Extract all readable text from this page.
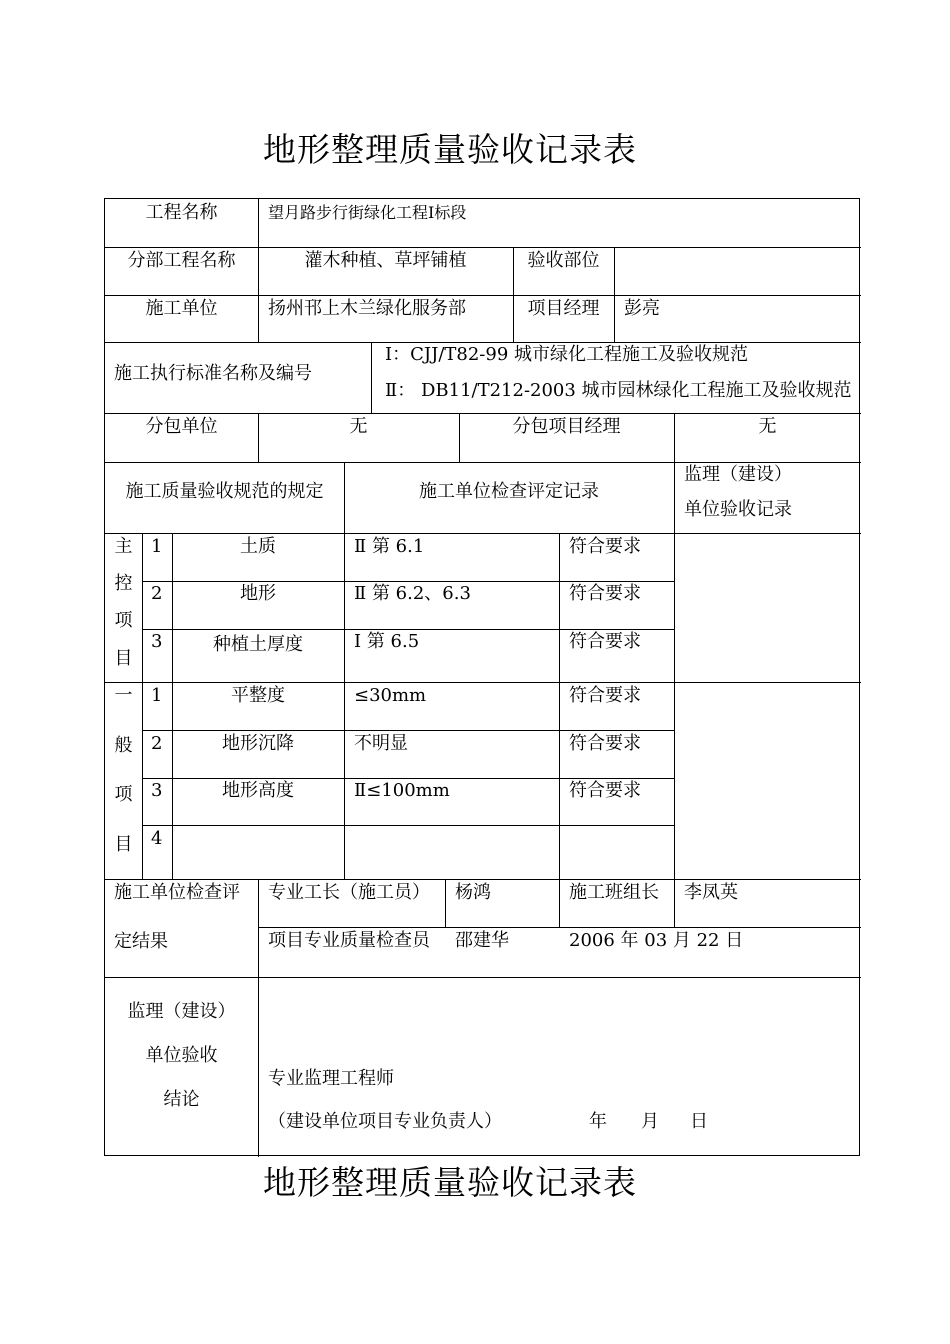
地形整理质量验收记录表
工程名称	望月路步行街绿化工程Ⅰ标段
分部工程名称	灌木种植、草坪铺植	验收部位
施工单位	扬州邗上木兰绿化服务部	项目经理	彭亮
施工执行标准名称及编号
Ⅰ：CJJ/T82-99 城市绿化工程施工及验收规范
Ⅱ： DB11/T212-2003 城市园林绿化工程施工及验收规范
分包单位	无	分包项目经理	无
施工质量验收规范的规定	施工单位检查评定记录
监理（建设）
单位验收记录
主
控
项
目
1	土质	Ⅱ 第 6.1	符合要求
2	地形	Ⅱ 第 6.2、6.3	符合要求
3	种植土厚度	Ⅰ 第 6.5	符合要求
一
般
项
目
1	平整度	≤30mm	符合要求
2	地形沉降	不明显	符合要求
3	地形高度	Ⅱ≤100mm	符合要求
4
施工单位检查评
定结果
专业工长（施工员） 杨鸿	施工班组长 李凤英
项目专业质量检查员 邵建华	2006 年 03 月 22 日
监理（建设）
单位验收
结论
专业监理工程师
（建设单位项目专业负责人）	年 月 日
地形整理质量验收记录表
